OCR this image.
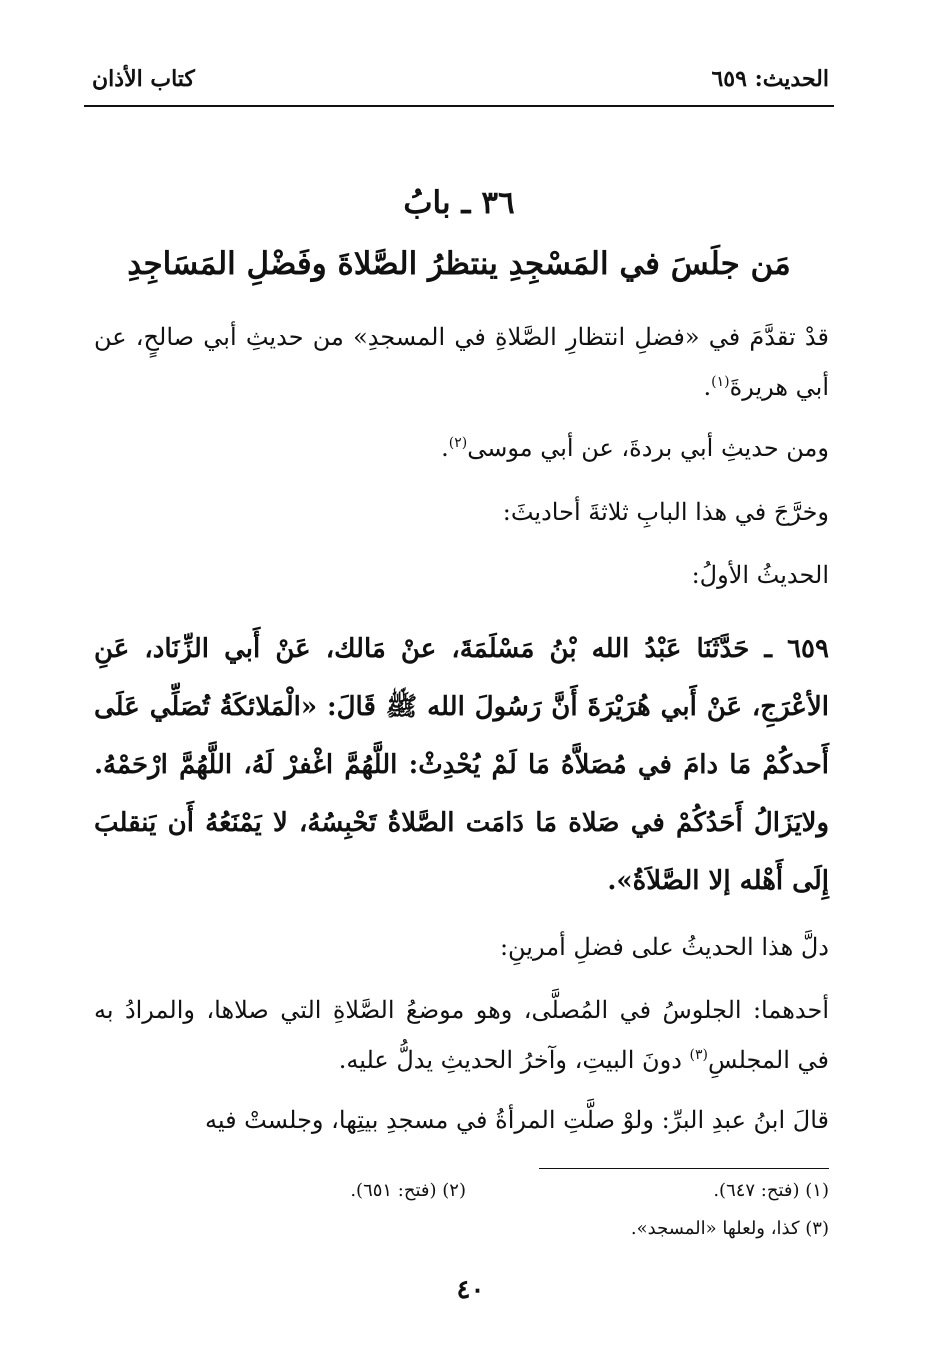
الحديث: ٦٥٩
كتاب الأذان
٣٦ ـ بابُ
مَن جلَسَ في المَسْجِدِ ينتظرُ الصَّلاةَ وفَضْلِ المَسَاجِدِ
قدْ تقدَّمَ في «فضلِ انتظارِ الصَّلاةِ في المسجدِ» من حديثِ أبي صالحٍ، عن أبي هريرةَ$^{(١)}$.
ومن حديثِ أبي بردةَ، عن أبي موسى$^{(٢)}$.
وخرَّجَ في هذا البابِ ثلاثةَ أحاديثَ:
الحديثُ الأولُ:
٦٥٩ ـ حَدَّثَنَا عَبْدُ الله بْنُ مَسْلَمَةَ، عنْ مَالك، عَنْ أَبي الزِّنَاد، عَنِ الأعْرَجِ، عَنْ أَبي هُرَيْرَةَ أَنَّ رَسُولَ الله ﷺ قَالَ: «الْمَلائكَةُ تُصَلِّي عَلَى أَحدكُمْ مَا دامَ في مُصَلاَّهُ مَا لَمْ يُحْدِثْ: اللَّهُمَّ اغْفرْ لَهُ، اللَّهُمَّ ارْحَمْهُ. ولايَزَالُ أَحَدُكُمْ في صَلاة مَا دَامَت الصَّلاةُ تَحْبِسُهُ، لا يَمْنَعُهُ أَن يَنقلبَ إِلَى أَهْله إلا الصَّلاَةُ».
دلَّ هذا الحديثُ على فضلِ أمرينِ:
أحدهما: الجلوسُ في المُصلَّى، وهو موضعُ الصَّلاةِ التي صلاها، والمرادُ به في المجلسِ$^{(٣)}$ دونَ البيتِ، وآخرُ الحديثِ يدلُّ عليه.
قالَ ابنُ عبدِ البرِّ: ولوْ صلَّتِ المرأةُ في مسجدِ بيتِها، وجلستْ فيه
(١) (فتح: ٦٤٧).
(٢) (فتح: ٦٥١).
(٣) كذا، ولعلها «المسجد».
٤٠
